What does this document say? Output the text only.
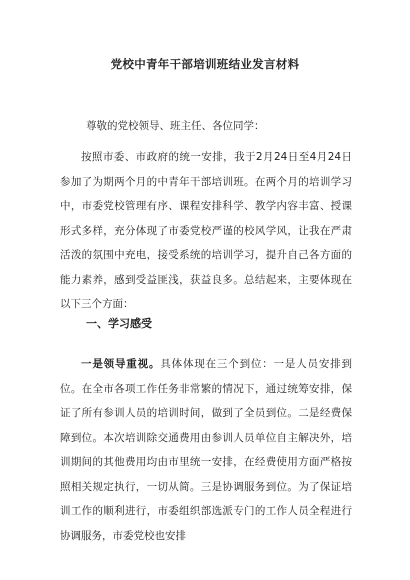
党校中青年干部培训班结业发言材料
尊敬的党校领导、班主任、各位同学：
按照市委、市政府的统一安排，我于2月24日至4月24日参加了为期两个月的中青年干部培训班。在两个月的培训学习中，市委党校管理有序、课程安排科学、教学内容丰富、授课形式多样，充分体现了市委党校严谨的校风学风，让我在严肃活泼的氛围中充电，接受系统的培训学习，提升自己各方面的能力素养，感到受益匪浅，获益良多。总结起来，主要体现在以下三个方面：
一、学习感受
一是领导重视。具体体现在三个到位：一是人员安排到位。在全市各项工作任务非常繁的情况下，通过统筹安排，保证了所有参训人员的培训时间，做到了全员到位。二是经费保障到位。本次培训除交通费用由参训人员单位自主解决外，培训期间的其他费用均由市里统一安排，在经费使用方面严格按照相关规定执行，一切从简。三是协调服务到位。为了保证培训工作的顺利进行，市委组织部选派专门的工作人员全程进行协调服务，市委党校也安排
